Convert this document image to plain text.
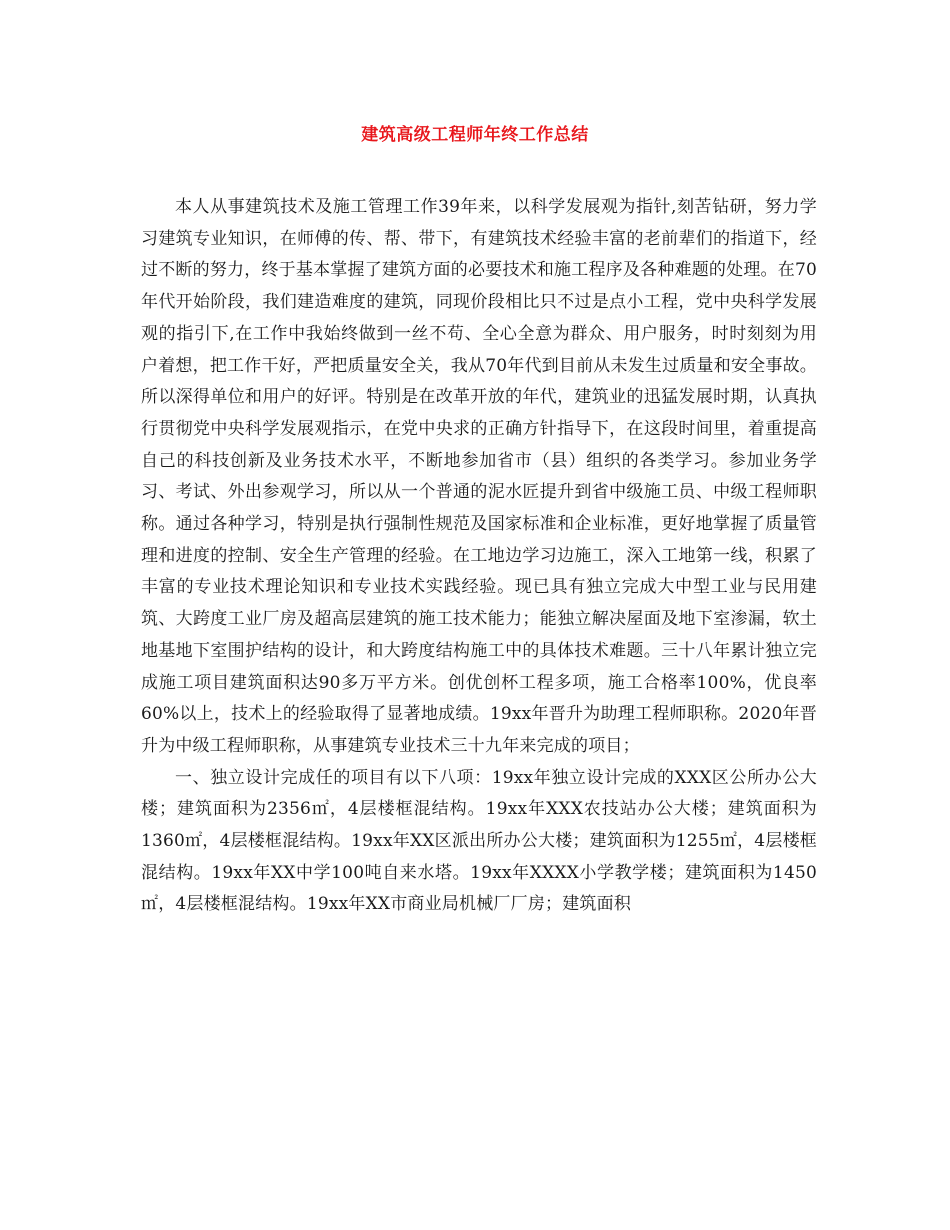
建筑高级工程师年终工作总结

本人从事建筑技术及施工管理工作39年来，以科学发展观为指针,刻苦钻研，努力学习建筑专业知识，在师傅的传、帮、带下，有建筑技术经验丰富的老前辈们的指道下，经过不断的努力，终于基本掌握了建筑方面的必要技术和施工程序及各种难题的处理。在70年代开始阶段，我们建造难度的建筑，同现价段相比只不过是点小工程，党中央科学发展观的指引下,在工作中我始终做到一丝不苟、全心全意为群众、用户服务，时时刻刻为用户着想，把工作干好，严把质量安全关，我从70年代到目前从未发生过质量和安全事故。所以深得单位和用户的好评。特别是在改革开放的年代，建筑业的迅猛发展时期，认真执行贯彻党中央科学发展观指示，在党中央求的正确方针指导下，在这段时间里，着重提高自己的科技创新及业务技术水平，不断地参加省市（县）组织的各类学习。参加业务学习、考试、外出参观学习，所以从一个普通的泥水匠提升到省中级施工员、中级工程师职称。通过各种学习，特别是执行强制性规范及国家标准和企业标准，更好地掌握了质量管理和进度的控制、安全生产管理的经验。在工地边学习边施工，深入工地第一线，积累了丰富的专业技术理论知识和专业技术实践经验。现已具有独立完成大中型工业与民用建筑、大跨度工业厂房及超高层建筑的施工技术能力；能独立解决屋面及地下室渗漏，软土地基地下室围护结构的设计，和大跨度结构施工中的具体技术难题。三十八年累计独立完成施工项目建筑面积达90多万平方米。创优创杯工程多项，施工合格率100%，优良率60%以上，技术上的经验取得了显著地成绩。19xx年晋升为助理工程师职称。2020年晋升为中级工程师职称，从事建筑专业技术三十九年来完成的项目；

一、独立设计完成任的项目有以下八项：19xx年独立设计完成的XXX区公所办公大楼；建筑面积为2356㎡，4层楼框混结构。19xx年XXX农技站办公大楼；建筑面积为1360㎡，4层楼框混结构。19xx年XX区派出所办公大楼；建筑面积为1255㎡，4层楼框混结构。19xx年XX中学100吨自来水塔。19xx年XXXX小学教学楼；建筑面积为1450㎡，4层楼框混结构。19xx年XX市商业局机械厂厂房；建筑面积
